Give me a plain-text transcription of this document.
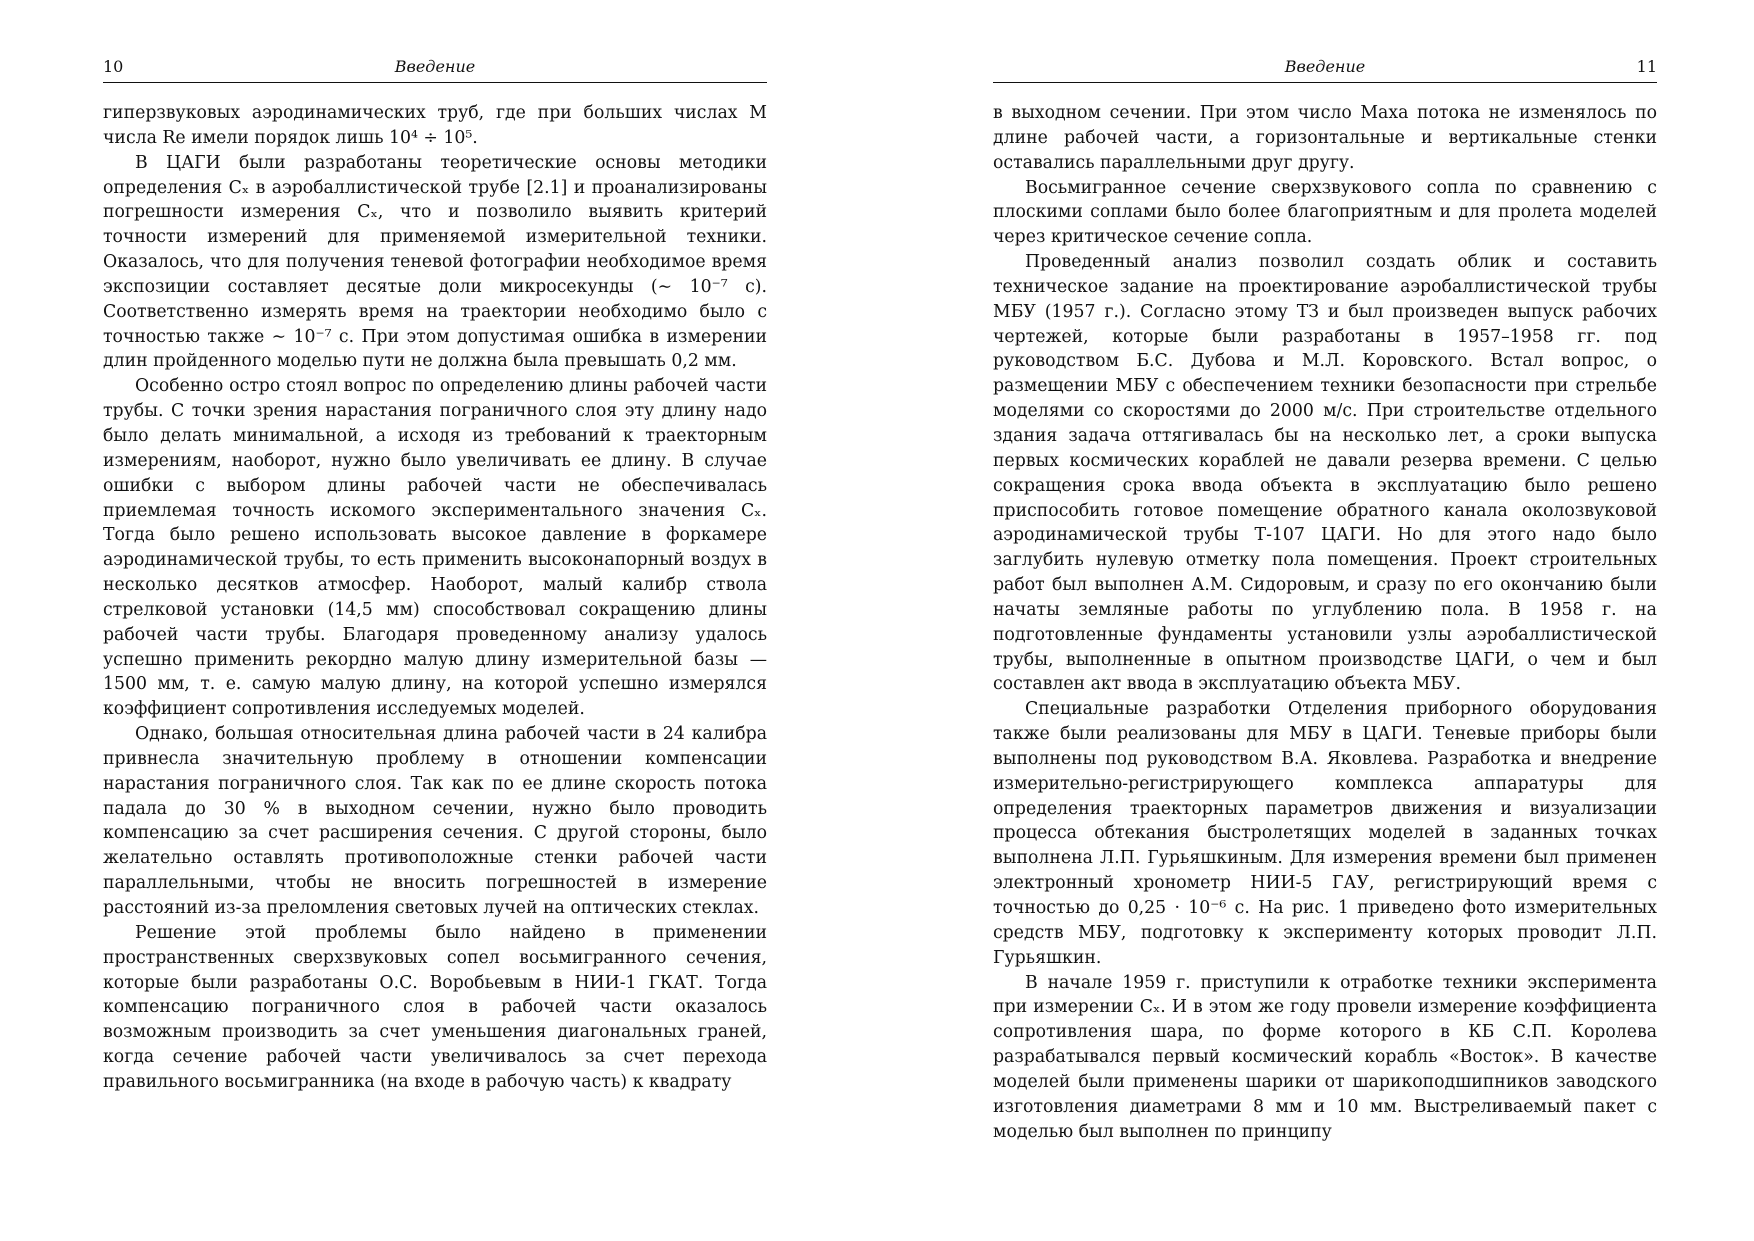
10	Введение

гиперзвуковых аэродинамических труб, где при больших числах M числа Re имели порядок лишь 10⁴ ÷ 10⁵.

В ЦАГИ были разработаны теоретические основы методики определения Cₓ в аэробаллистической трубе [2.1] и проанализированы погрешности измерения Cₓ, что и позволило выявить критерий точности измерений для применяемой измерительной техники. Оказалось, что для получения теневой фотографии необходимое время экспозиции составляет десятые доли микросекунды (∼ 10⁻⁷ с). Соответственно измерять время на траектории необходимо было с точностью также ∼ 10⁻⁷ с. При этом допустимая ошибка в измерении длин пройденного моделью пути не должна была превышать 0,2 мм.

Особенно остро стоял вопрос по определению длины рабочей части трубы. С точки зрения нарастания пограничного слоя эту длину надо было делать минимальной, а исходя из требований к траекторным измерениям, наоборот, нужно было увеличивать ее длину. В случае ошибки с выбором длины рабочей части не обеспечивалась приемлемая точность искомого экспериментального значения Cₓ. Тогда было решено использовать высокое давление в форкамере аэродинамической трубы, то есть применить высоконапорный воздух в несколько десятков атмосфер. Наоборот, малый калибр ствола стрелковой установки (14,5 мм) способствовал сокращению длины рабочей части трубы. Благодаря проведенному анализу удалось успешно применить рекордно малую длину измерительной базы — 1500 мм, т. е. самую малую длину, на которой успешно измерялся коэффициент сопротивления исследуемых моделей.

Однако, большая относительная длина рабочей части в 24 калибра привнесла значительную проблему в отношении компенсации нарастания пограничного слоя. Так как по ее длине скорость потока падала до 30 % в выходном сечении, нужно было проводить компенсацию за счет расширения сечения. С другой стороны, было желательно оставлять противоположные стенки рабочей части параллельными, чтобы не вносить погрешностей в измерение расстояний из-за преломления световых лучей на оптических стеклах.

Решение этой проблемы было найдено в применении пространственных сверхзвуковых сопел восьмигранного сечения, которые были разработаны О.С. Воробьевым в НИИ-1 ГКАТ. Тогда компенсацию пограничного слоя в рабочей части оказалось возможным производить за счет уменьшения диагональных граней, когда сечение рабочей части увеличивалось за счет перехода правильного восьмигранника (на входе в рабочую часть) к квадрату

Введение	11

в выходном сечении. При этом число Маха потока не изменялось по длине рабочей части, а горизонтальные и вертикальные стенки оставались параллельными друг другу.

Восьмигранное сечение сверхзвукового сопла по сравнению с плоскими соплами было более благоприятным и для пролета моделей через критическое сечение сопла.

Проведенный анализ позволил создать облик и составить техническое задание на проектирование аэробаллистической трубы МБУ (1957 г.). Согласно этому ТЗ и был произведен выпуск рабочих чертежей, которые были разработаны в 1957–1958 гг. под руководством Б.С. Дубова и М.Л. Коровского. Встал вопрос, о размещении МБУ с обеспечением техники безопасности при стрельбе моделями со скоростями до 2000 м/с. При строительстве отдельного здания задача оттягивалась бы на несколько лет, а сроки выпуска первых космических кораблей не давали резерва времени. С целью сокращения срока ввода объекта в эксплуатацию было решено приспособить готовое помещение обратного канала околозвуковой аэродинамической трубы Т-107 ЦАГИ. Но для этого надо было заглубить нулевую отметку пола помещения. Проект строительных работ был выполнен А.М. Сидоровым, и сразу по его окончанию были начаты земляные работы по углублению пола. В 1958 г. на подготовленные фундаменты установили узлы аэробаллистической трубы, выполненные в опытном производстве ЦАГИ, о чем и был составлен акт ввода в эксплуатацию объекта МБУ.

Специальные разработки Отделения приборного оборудования также были реализованы для МБУ в ЦАГИ. Теневые приборы были выполнены под руководством В.А. Яковлева. Разработка и внедрение измерительно-регистрирующего комплекса аппаратуры для определения траекторных параметров движения и визуализации процесса обтекания быстролетящих моделей в заданных точках выполнена Л.П. Гурьяшкиным. Для измерения времени был применен электронный хронометр НИИ-5 ГАУ, регистрирующий время с точностью до 0,25 · 10⁻⁶ с. На рис. 1 приведено фото измерительных средств МБУ, подготовку к эксперименту которых проводит Л.П. Гурьяшкин.

В начале 1959 г. приступили к отработке техники эксперимента при измерении Cₓ. И в этом же году провели измерение коэффициента сопротивления шара, по форме которого в КБ С.П. Королева разрабатывался первый космический корабль «Восток». В качестве моделей были применены шарики от шарикоподшипников заводского изготовления диаметрами 8 мм и 10 мм. Выстреливаемый пакет с моделью был выполнен по принципу
